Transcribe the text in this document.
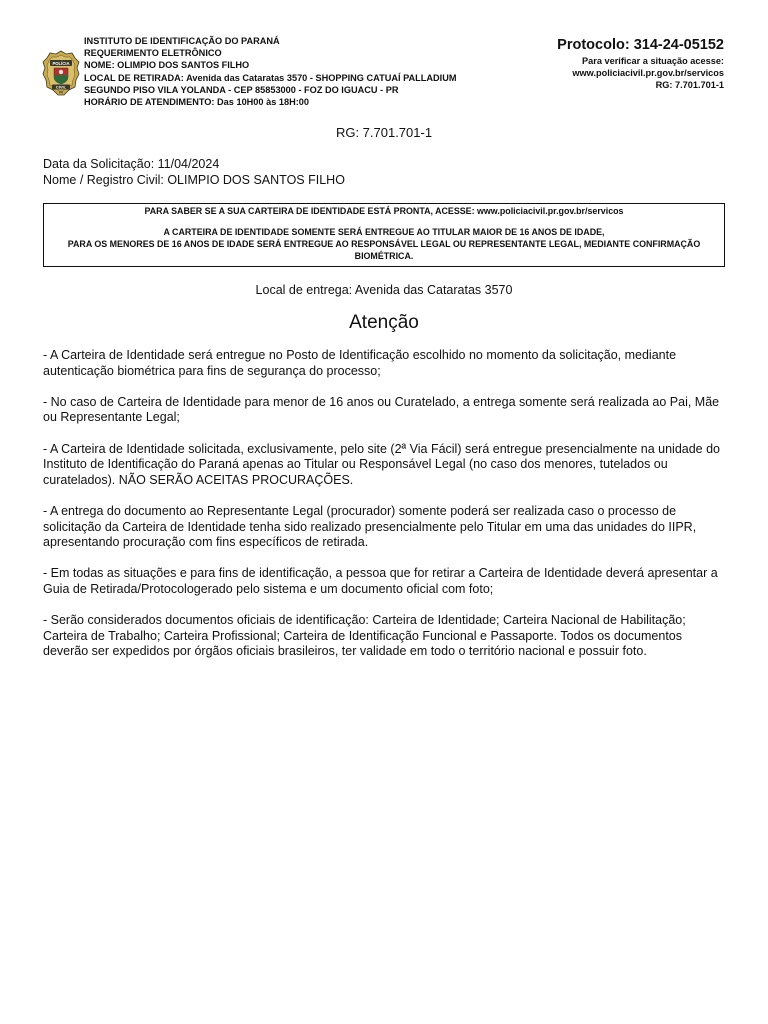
POLÍCIA
CIVIL
PR
INSTITUTO DE IDENTIFICAÇÃO DO PARANÁ
REQUERIMENTO ELETRÔNICO
NOME: OLIMPIO DOS SANTOS FILHO
LOCAL DE RETIRADA: Avenida das Cataratas 3570 - SHOPPING CATUAÍ PALLADIUM
SEGUNDO PISO VILA YOLANDA - CEP 85853000 - FOZ DO IGUACU - PR
HORÁRIO DE ATENDIMENTO: Das 10H00 às 18H:00
Protocolo: 314-24-05152
Para verificar a situação acesse:
www.policiacivil.pr.gov.br/servicos
RG: 7.701.701-1
RG: 7.701.701-1
Data da Solicitação: 11/04/2024
Nome / Registro Civil: OLIMPIO DOS SANTOS FILHO
PARA SABER SE A SUA CARTEIRA DE IDENTIDADE ESTÁ PRONTA, ACESSE: www.policiacivil.pr.gov.br/servicos
A CARTEIRA DE IDENTIDADE SOMENTE SERÁ ENTREGUE AO TITULAR MAIOR DE 16 ANOS DE IDADE,
PARA OS MENORES DE 16 ANOS DE IDADE SERÁ ENTREGUE AO RESPONSÁVEL LEGAL OU REPRESENTANTE LEGAL, MEDIANTE CONFIRMAÇÃO BIOMÉTRICA.
Local de entrega: Avenida das Cataratas 3570
Atenção

- A Carteira de Identidade será entregue no Posto de Identificação escolhido no momento da solicitação, mediante autenticação biométrica para fins de segurança do processo;

- No caso de Carteira de Identidade para menor de 16 anos ou Curatelado, a entrega somente será realizada ao Pai, Mãe ou Representante Legal;

- A Carteira de Identidade solicitada, exclusivamente, pelo site (2ª Via Fácil) será entregue presencialmente na unidade do Instituto de Identificação do Paraná apenas ao Titular ou Responsável Legal (no caso dos menores, tutelados ou curatelados). NÃO SERÃO ACEITAS PROCURAÇÕES.

- A entrega do documento ao Representante Legal (procurador) somente poderá ser realizada caso o processo de solicitação da Carteira de Identidade tenha sido realizado presencialmente pelo Titular em uma das unidades do IIPR, apresentando procuração com fins específicos de retirada.

- Em todas as situações e para fins de identificação, a pessoa que for retirar a Carteira de Identidade deverá apresentar a Guia de Retirada/Protocologerado pelo sistema e um documento oficial com foto;

- Serão considerados documentos oficiais de identificação: Carteira de Identidade; Carteira Nacional de Habilitação; Carteira de Trabalho; Carteira Profissional; Carteira de Identificação Funcional e Passaporte. Todos os documentos deverão ser expedidos por órgãos oficiais brasileiros, ter validade em todo o território nacional e possuir foto.
